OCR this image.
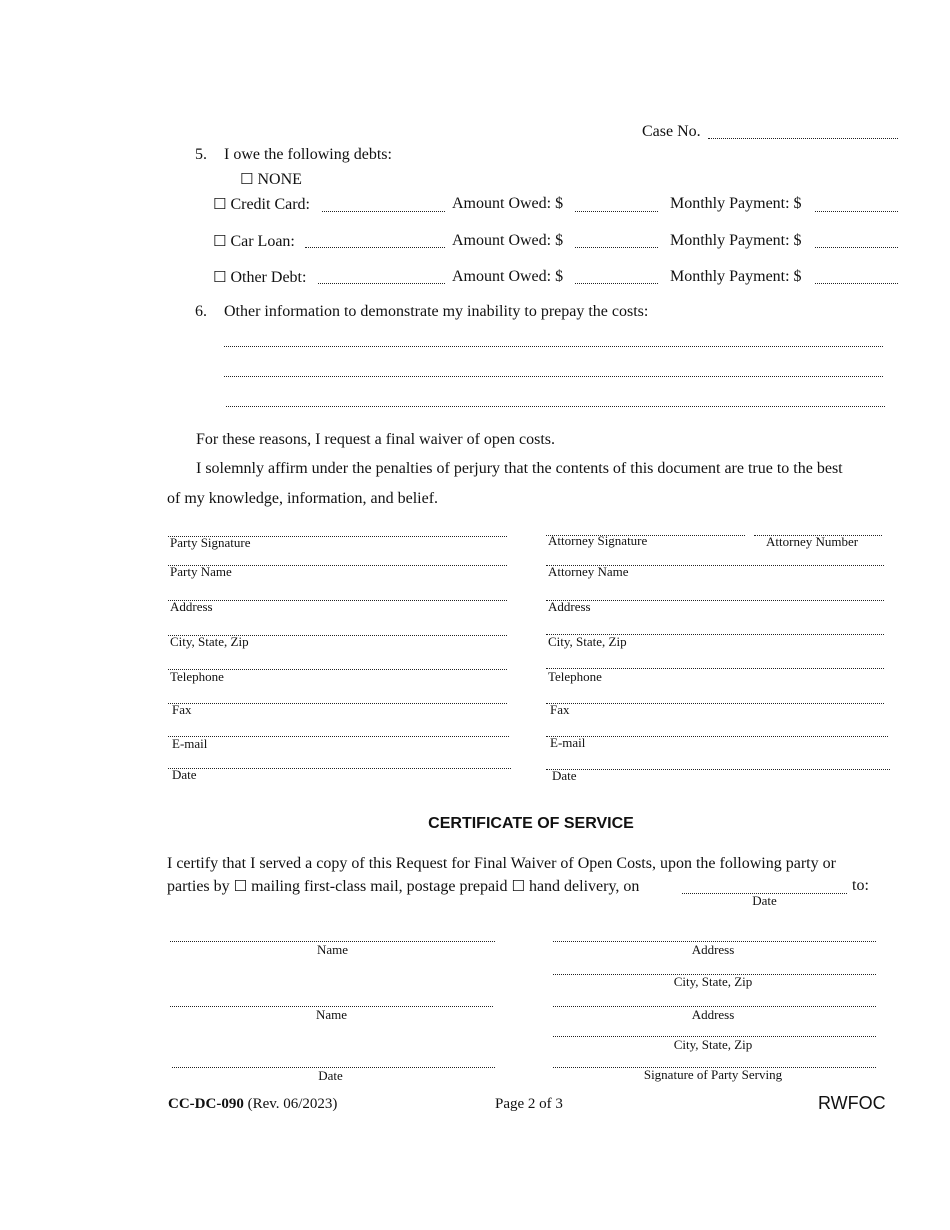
Case No.
5. I owe the following debts:
☐ NONE
☐ Credit Card:	Amount Owed: $	Monthly Payment: $
☐ Car Loan:	Amount Owed: $	Monthly Payment: $
☐ Other Debt:	Amount Owed: $	Monthly Payment: $
6. Other information to demonstrate my inability to prepay the costs:
For these reasons, I request a final waiver of open costs.
I solemnly affirm under the penalties of perjury that the contents of this document are true to the best
of my knowledge, information, and belief.
Party Signature
Party Name
Address
City, State, Zip
Telephone
Fax
E-mail
Date
Attorney Signature	Attorney Number
Attorney Name
Address
City, State, Zip
Telephone
Fax
E-mail
Date
CERTIFICATE OF SERVICE
I certify that I served a copy of this Request for Final Waiver of Open Costs, upon the following party or
parties by ☐ mailing first-class mail, postage prepaid ☐ hand delivery, on	to:
Date
Name
Name
Date
Address
City, State, Zip
Address
City, State, Zip
Signature of Party Serving
CC-DC-090 (Rev. 06/2023)	Page 2 of 3	RWFOC
